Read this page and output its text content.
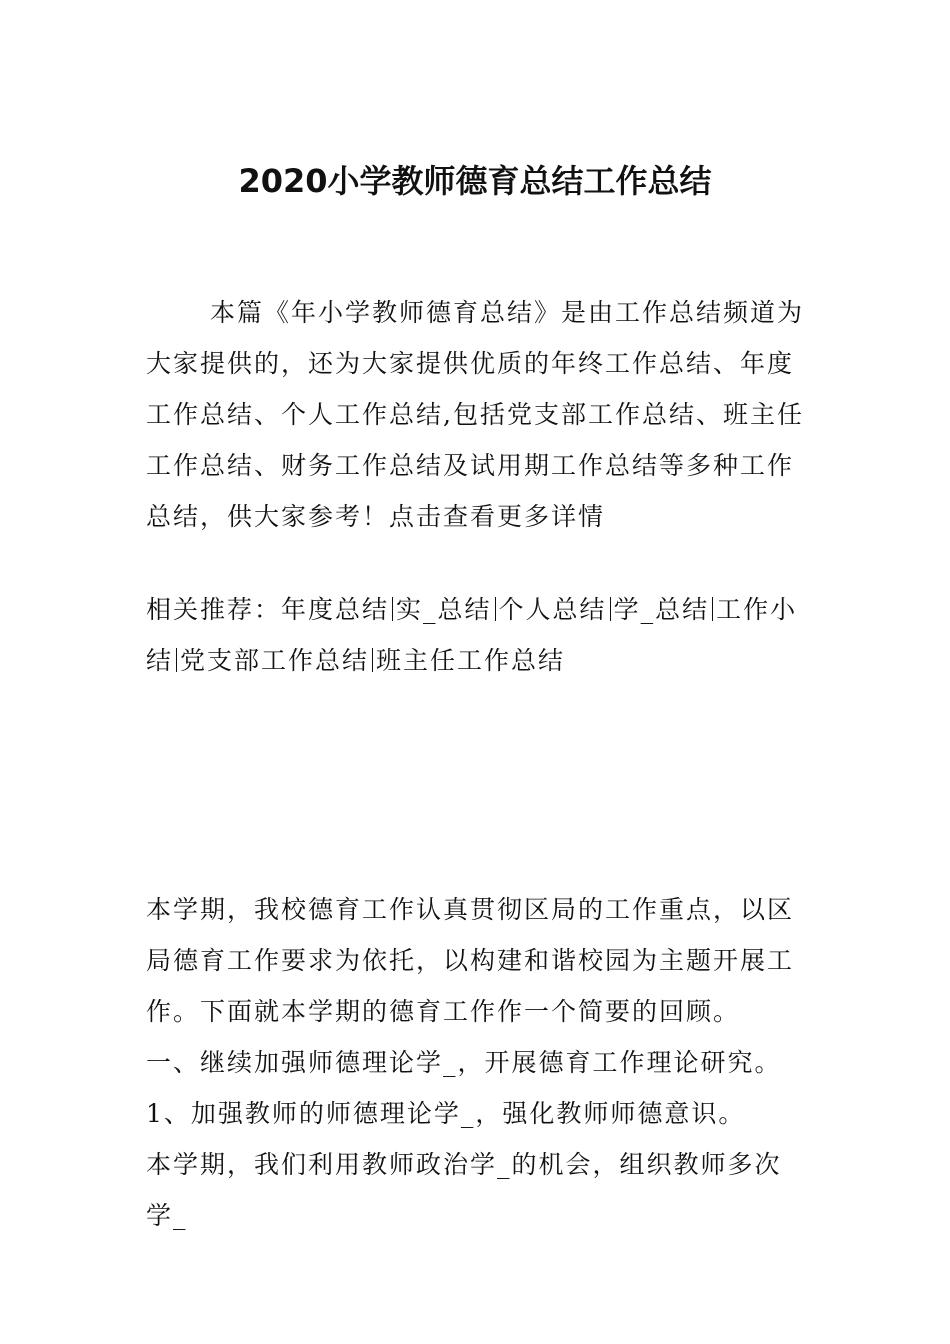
2020小学教师德育总结工作总结

本篇《年小学教师德育总结》是由工作总结频道为大家提供的，还为大家提供优质的年终工作总结、年度工作总结、个人工作总结,包括党支部工作总结、班主任工作总结、财务工作总结及试用期工作总结等多种工作总结，供大家参考！点击查看更多详情

相关推荐：年度总结 实_总结 个人总结 学_总结 工作小结 党支部工作总结 班主任工作总结

本学期，我校德育工作认真贯彻区局的工作重点，以区局德育工作要求为依托，以构建和谐校园为主题开展工作。下面就本学期的德育工作作一个简要的回顾。

一、继续加强师德理论学_，开展德育工作理论研究。

1、加强教师的师德理论学_，强化教师师德意识。

本学期，我们利用教师政治学_的机会，组织教师多次学_
